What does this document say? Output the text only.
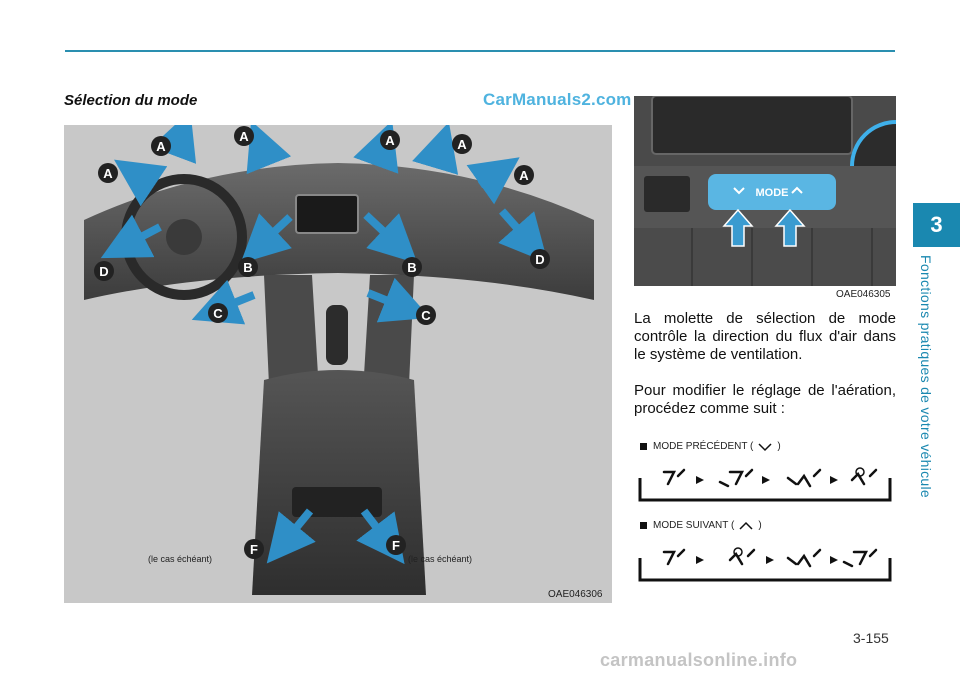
Sélection du mode	CarManuals2.com
A
A
A	A	A
A
D
D
B	B
C	C
F	F
(le cas échéant)	(le cas échéant)
OAE046306
MODE
OAE046305
La molette de sélection de mode contrôle la direction du flux d'air dans le système de ventilation.
Pour modifier le réglage de l'aération, procédez comme suit :
MODE PRÉCÉDENT ( )
MODE SUIVANT ( )
3
Fonctions pratiques de votre véhicule
3-155
carmanualsonline.info
